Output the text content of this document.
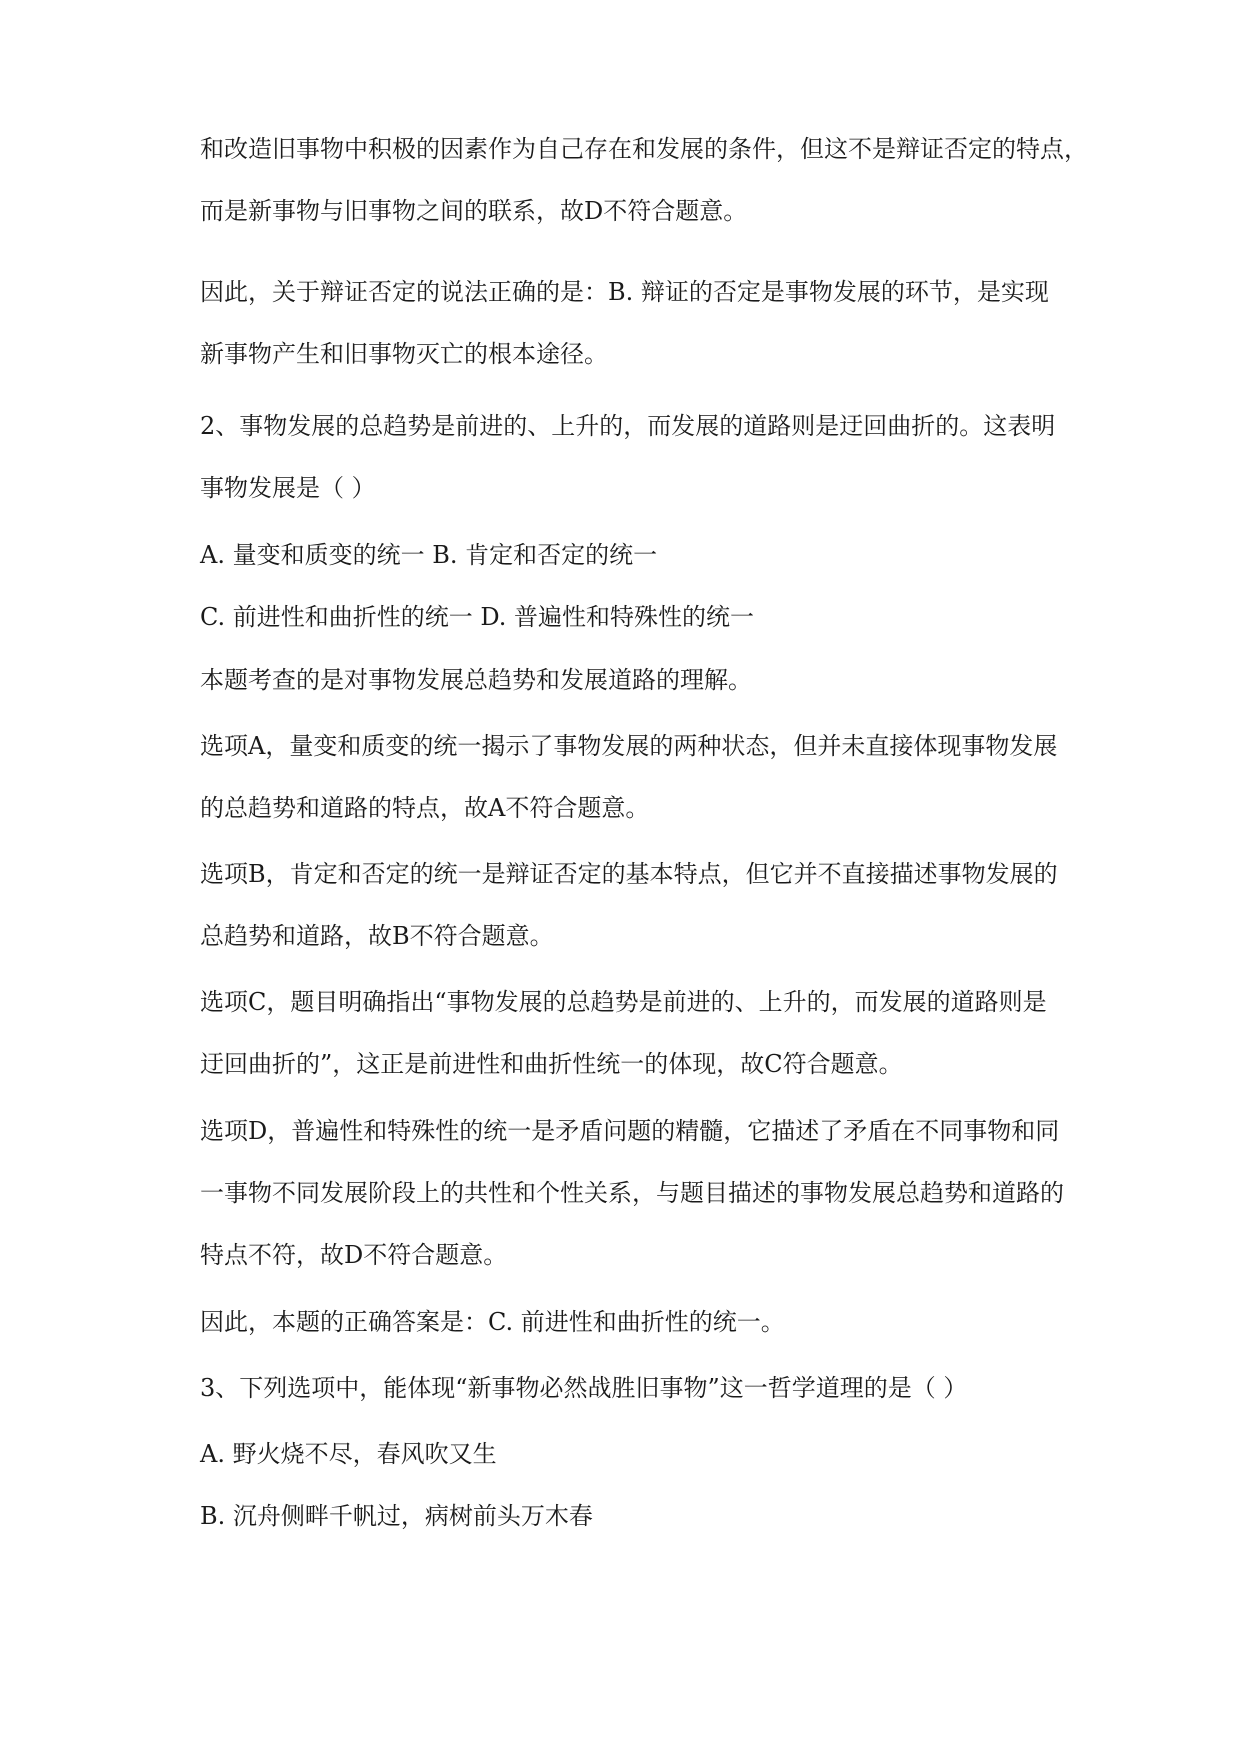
和改造旧事物中积极的因素作为自己存在和发展的条件，但这不是辩证否定的特点，

而是新事物与旧事物之间的联系，故D不符合题意。

因此，关于辩证否定的说法正确的是：B. 辩证的否定是事物发展的环节，是实现

新事物产生和旧事物灭亡的根本途径。

2、事物发展的总趋势是前进的、上升的，而发展的道路则是迂回曲折的。这表明

事物发展是（ ）

A. 量变和质变的统一 B. 肯定和否定的统一

C. 前进性和曲折性的统一 D. 普遍性和特殊性的统一

本题考查的是对事物发展总趋势和发展道路的理解。

选项A，量变和质变的统一揭示了事物发展的两种状态，但并未直接体现事物发展

的总趋势和道路的特点，故A不符合题意。

选项B，肯定和否定的统一是辩证否定的基本特点，但它并不直接描述事物发展的

总趋势和道路，故B不符合题意。

选项C，题目明确指出“事物发展的总趋势是前进的、上升的，而发展的道路则是

迂回曲折的”，这正是前进性和曲折性统一的体现，故C符合题意。

选项D，普遍性和特殊性的统一是矛盾问题的精髓，它描述了矛盾在不同事物和同

一事物不同发展阶段上的共性和个性关系，与题目描述的事物发展总趋势和道路的

特点不符，故D不符合题意。

因此，本题的正确答案是：C. 前进性和曲折性的统一。

3、下列选项中，能体现“新事物必然战胜旧事物”这一哲学道理的是（ ）

A. 野火烧不尽，春风吹又生

B. 沉舟侧畔千帆过，病树前头万木春
